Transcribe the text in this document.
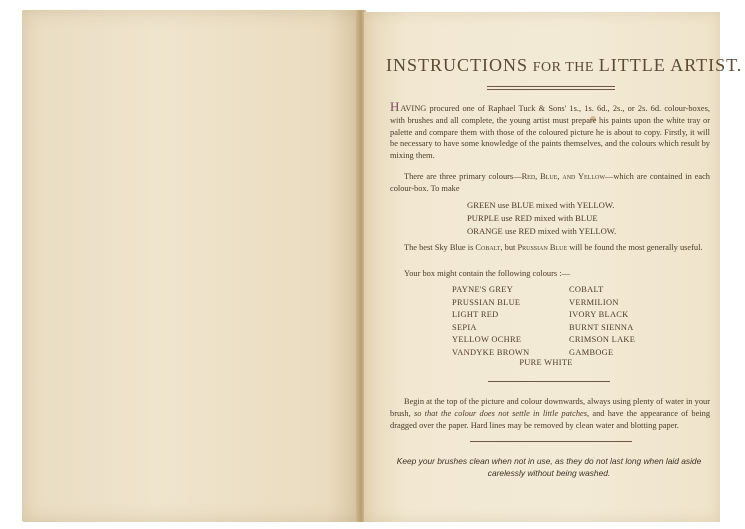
INSTRUCTIONS FOR THE LITTLE ARTIST.
HAVING procured one of Raphael Tuck & Sons' 1s., 1s. 6d., 2s., or 2s. 6d. colour-boxes, with brushes and all complete, the young artist must prepare his paints upon the white tray or palette and compare them with those of the coloured picture he is about to copy. Firstly, it will be necessary to have some knowledge of the paints themselves, and the colours which result by mixing them.
There are three primary colours—Red, Blue, and Yellow—which are contained in each colour-box. To make
GREEN use BLUE mixed with YELLOW.
PURPLE use RED mixed with BLUE
ORANGE use RED mixed with YELLOW.
The best Sky Blue is Cobalt, but Prussian Blue will be found the most generally useful.
Your box might contain the following colours :—
PAYNE'S GREY
PRUSSIAN BLUE
LIGHT RED
SEPIA
YELLOW OCHRE
VANDYKE BROWN
COBALT
VERMILION
IVORY BLACK
BURNT SIENNA
CRIMSON LAKE
GAMBOGE
PURE WHITE
Begin at the top of the picture and colour downwards, always using plenty of water in your brush, so that the colour does not settle in little patches, and have the appearance of being dragged over the paper. Hard lines may be removed by clean water and blotting paper.
Keep your brushes clean when not in use, as they do not last long when laid aside carelessly without being washed.
